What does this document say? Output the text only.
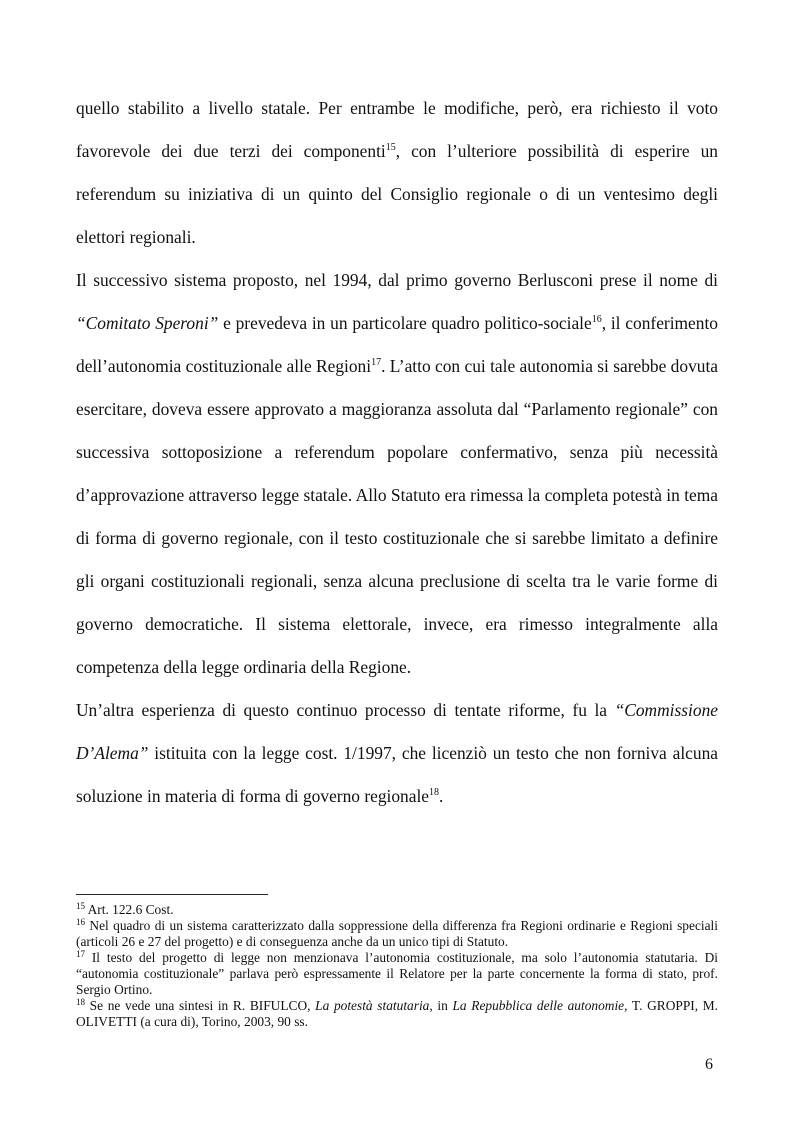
quello stabilito a livello statale. Per entrambe le modifiche, però, era richiesto il voto favorevole dei due terzi dei componenti$^{15}$, con l’ulteriore possibilità di esperire un referendum su iniziativa di un quinto del Consiglio regionale o di un ventesimo degli elettori regionali.

Il successivo sistema proposto, nel 1994, dal primo governo Berlusconi prese il nome di “Comitato Speroni” e prevedeva in un particolare quadro politico-sociale$^{16}$, il conferimento dell’autonomia costituzionale alle Regioni$^{17}$. L’atto con cui tale autonomia si sarebbe dovuta esercitare, doveva essere approvato a maggioranza assoluta dal “Parlamento regionale” con successiva sottoposizione a referendum popolare confermativo, senza più necessità d’approvazione attraverso legge statale. Allo Statuto era rimessa la completa potestà in tema di forma di governo regionale, con il testo costituzionale che si sarebbe limitato a definire gli organi costituzionali regionali, senza alcuna preclusione di scelta tra le varie forme di governo democratiche. Il sistema elettorale, invece, era rimesso integralmente alla competenza della legge ordinaria della Regione.

Un’altra esperienza di questo continuo processo di tentate riforme, fu la “Commissione D’Alema” istituita con la legge cost. 1/1997, che licenziò un testo che non forniva alcuna soluzione in materia di forma di governo regionale$^{18}$.

$^{15}$ Art. 122.6 Cost.

$^{16}$ Nel quadro di un sistema caratterizzato dalla soppressione della differenza fra Regioni ordinarie e Regioni speciali (articoli 26 e 27 del progetto) e di conseguenza anche da un unico tipi di Statuto.

$^{17}$ Il testo del progetto di legge non menzionava l’autonomia costituzionale, ma solo l’autonomia statutaria. Di “autonomia costituzionale” parlava però espressamente il Relatore per la parte concernente la forma di stato, prof. Sergio Ortino.

$^{18}$ Se ne vede una sintesi in R. BIFULCO, La potestà statutaria, in La Repubblica delle autonomie, T. GROPPI, M. OLIVETTI (a cura di), Torino, 2003, 90 ss.

6
